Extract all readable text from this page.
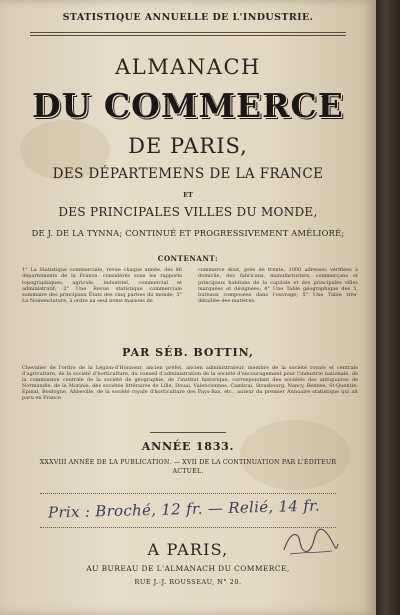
STATISTIQUE ANNUELLE DE L'INDUSTRIE.
ALMANACH
DU COMMERCE
DE PARIS,
DES DÉPARTEMENS DE LA FRANCE
ET
DES PRINCIPALES VILLES DU MONDE,
DE J. DE LA TYNNA; CONTINUÉ ET PROGRESSIVEMENT AMÉLIORÉ;
CONTENANT:
1° La Statistique commerciale, revue chaque année, des 86 départements de la France, considérés sous les rapports topographiques, agricole, industriel, commercial et administratif; 2° Une Revue statistique commerciale sommaire des principaux États des cinq parties du monde; 3° La Nomenclature, à ordre au seul noms maisons de
commerce dont, près de trente, 1000 adresses vérifiées à domicile, des fabricans, manufacturiers, commerçans et principaux habitans de la capitale et des principales villes marquées et désignées; 4° Une Table géographique des 5, bureaux composées dans l'ouvrage; 5° Une Table très-détaillée des matières.
PAR SÉB. BOTTIN,
Chevalier de l'ordre de la Légion-d'Honneur, ancien préfet, ancien administrateur, membre de la société royale et centrale d'agriculture, de la société d'horticulture, du conseil d'administration de la société d'encouragement pour l'industrie nationale, de la commission centrale de la société de géographie, de l'institut historique, correspondant des sociétés des antiquaires de Normandie, de la Morinie, des sociétés littéraires de Lille, Douai, Valenciennes, Cambrai, Strasbourg, Nancy, Rennes, St-Quentin, Epinal, Boulogne, Abbeville, de la société royale d'horticulture des Pays-Bas, etc., auteur du premier Annuaire statistique qui ait paru en France.
ANNÉE 1833.
XXXVIII ANNÉE DE LA PUBLICATION. — XVII DE LA CONTINUATION PAR L'ÉDITEUR ACTUEL.
Prix : Broché, 12 fr. — Relié, 14 fr.
A PARIS,
AU BUREAU DE L'ALMANACH DU COMMERCE,
RUE J.-J. ROUSSEAU, N° 20.
